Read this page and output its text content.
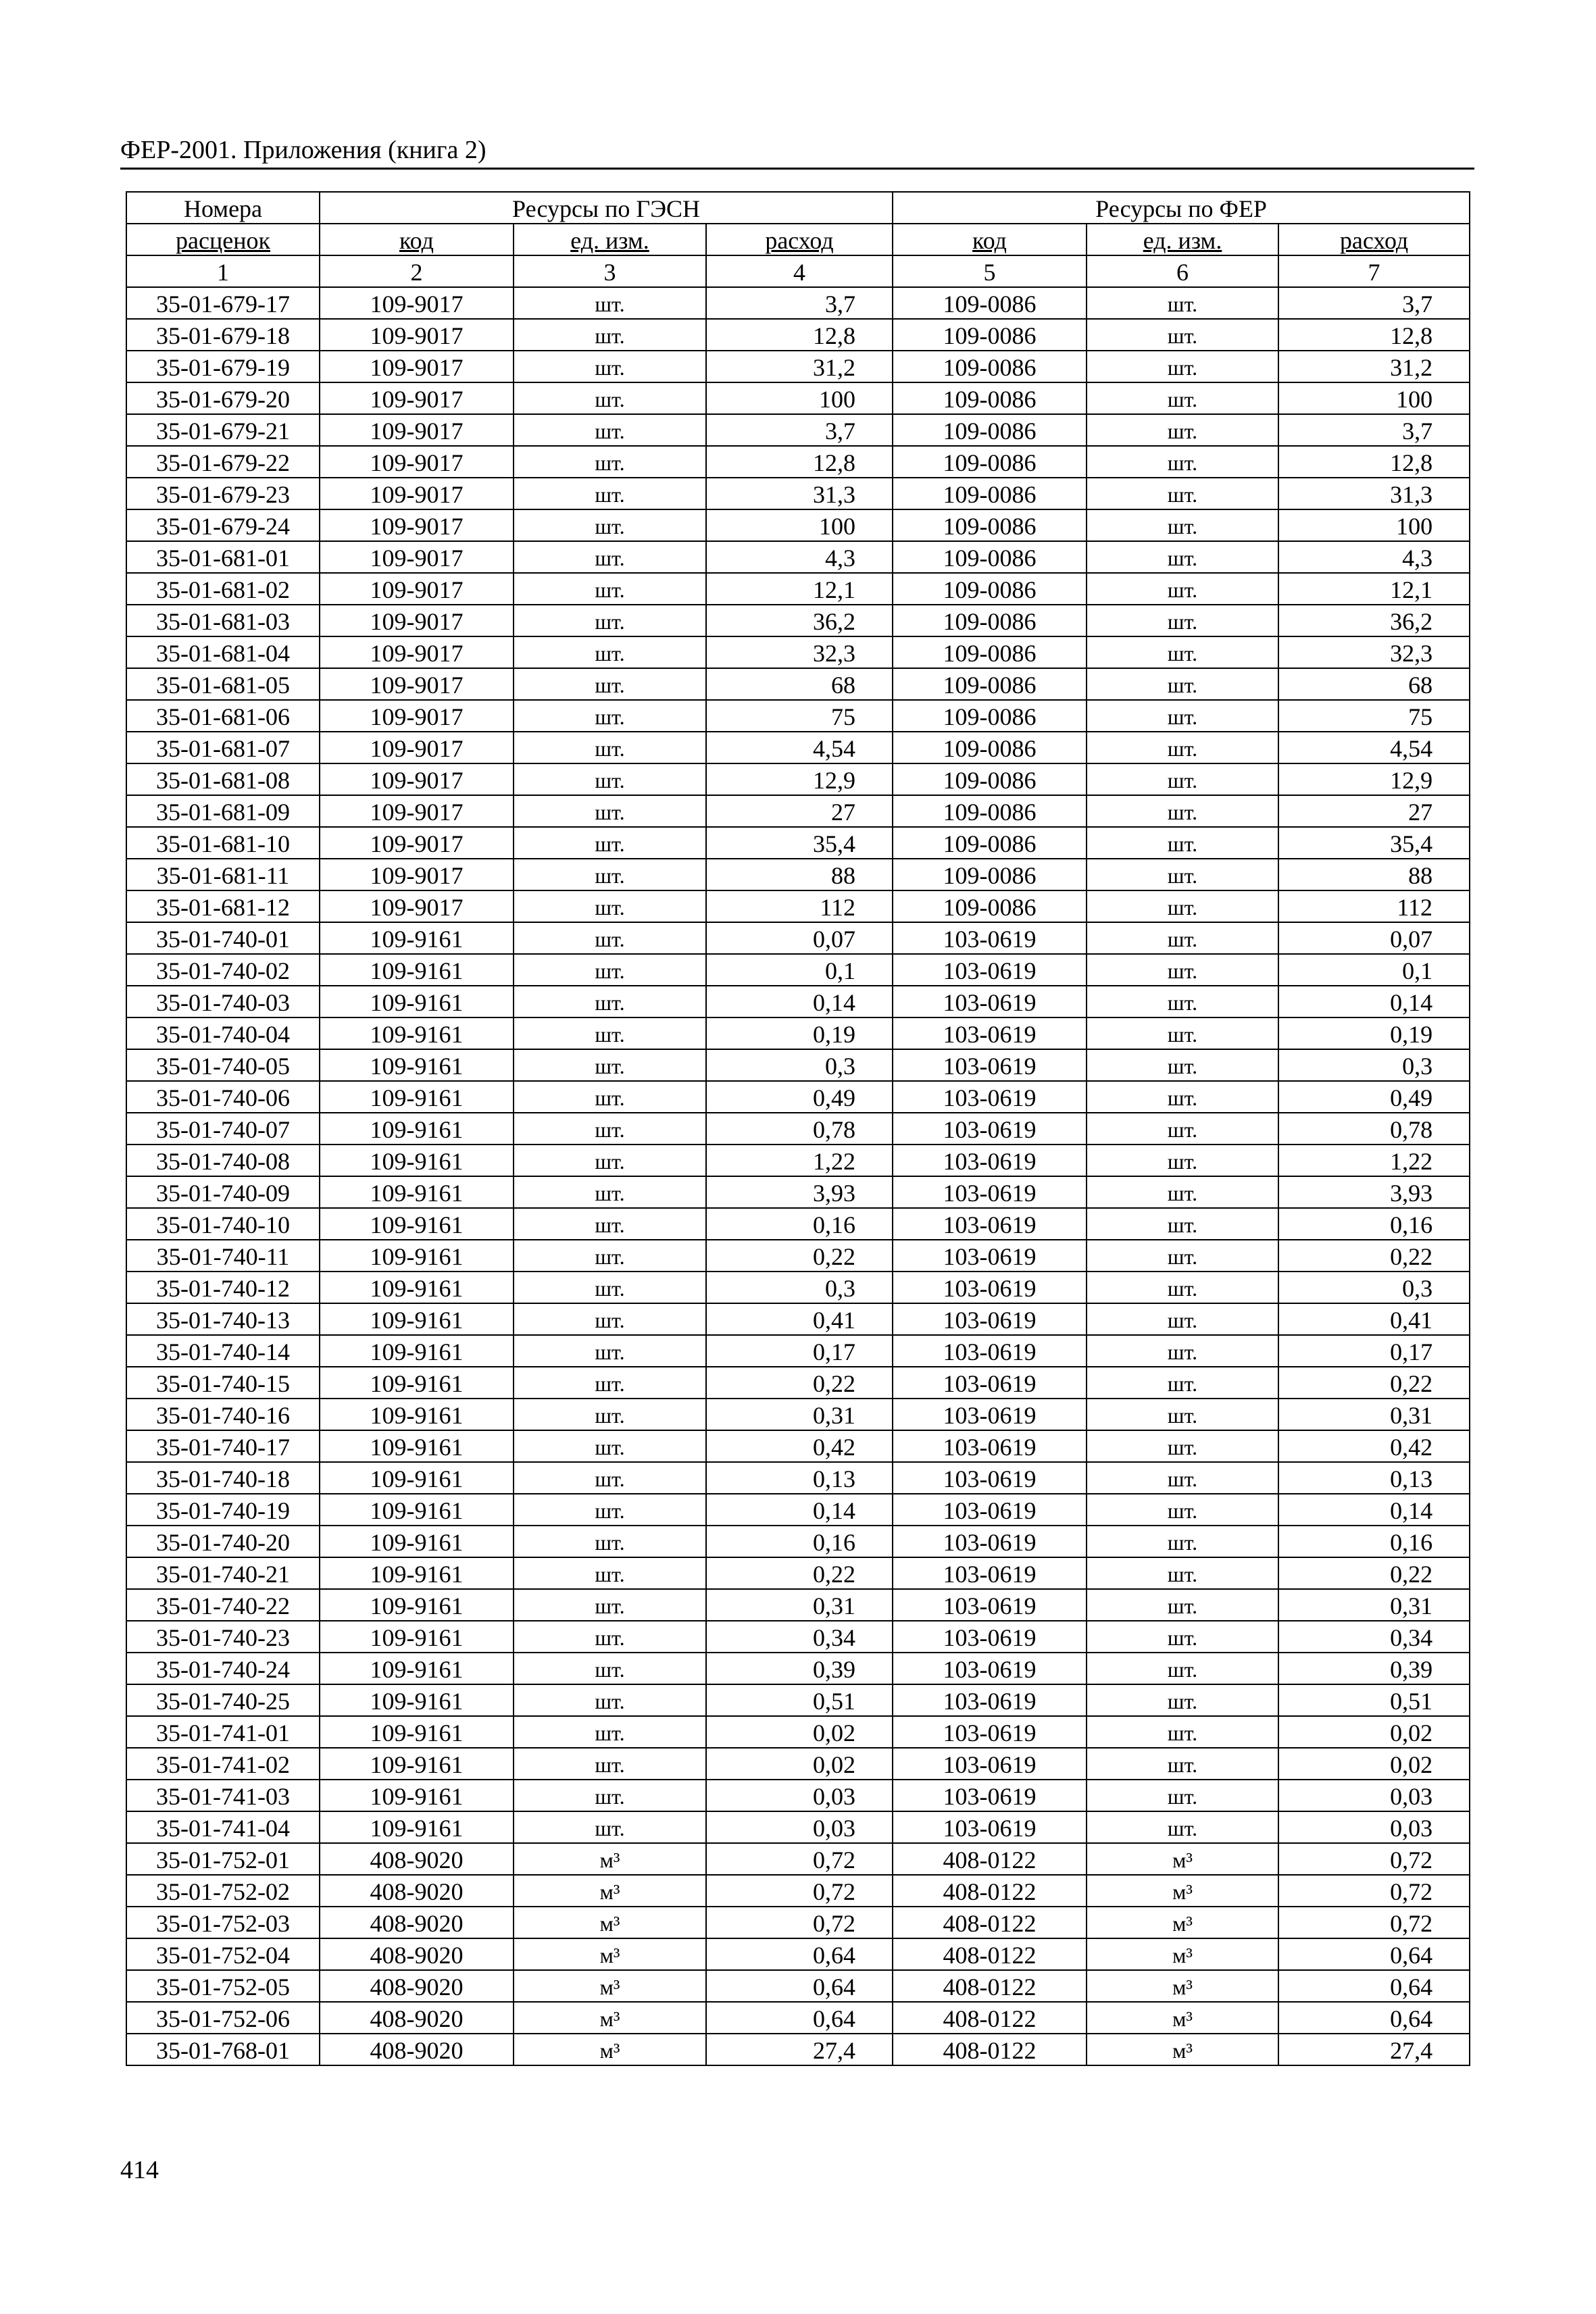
ФЕР-2001. Приложения (книга 2)
Номера	Ресурсы по ГЭСН			Ресурсы по ФЕР		
расценок	код	ед. изм.	расход	код	ед. изм.	расход
1	2	3	4	5	6	7
35-01-679-17	109-9017	шт.	3,7	109-0086	шт.	3,7
35-01-679-18	109-9017	шт.	12,8	109-0086	шт.	12,8
35-01-679-19	109-9017	шт.	31,2	109-0086	шт.	31,2
35-01-679-20	109-9017	шт.	100	109-0086	шт.	100
35-01-679-21	109-9017	шт.	3,7	109-0086	шт.	3,7
35-01-679-22	109-9017	шт.	12,8	109-0086	шт.	12,8
35-01-679-23	109-9017	шт.	31,3	109-0086	шт.	31,3
35-01-679-24	109-9017	шт.	100	109-0086	шт.	100
35-01-681-01	109-9017	шт.	4,3	109-0086	шт.	4,3
35-01-681-02	109-9017	шт.	12,1	109-0086	шт.	12,1
35-01-681-03	109-9017	шт.	36,2	109-0086	шт.	36,2
35-01-681-04	109-9017	шт.	32,3	109-0086	шт.	32,3
35-01-681-05	109-9017	шт.	68	109-0086	шт.	68
35-01-681-06	109-9017	шт.	75	109-0086	шт.	75
35-01-681-07	109-9017	шт.	4,54	109-0086	шт.	4,54
35-01-681-08	109-9017	шт.	12,9	109-0086	шт.	12,9
35-01-681-09	109-9017	шт.	27	109-0086	шт.	27
35-01-681-10	109-9017	шт.	35,4	109-0086	шт.	35,4
35-01-681-11	109-9017	шт.	88	109-0086	шт.	88
35-01-681-12	109-9017	шт.	112	109-0086	шт.	112
35-01-740-01	109-9161	шт.	0,07	103-0619	шт.	0,07
35-01-740-02	109-9161	шт.	0,1	103-0619	шт.	0,1
35-01-740-03	109-9161	шт.	0,14	103-0619	шт.	0,14
35-01-740-04	109-9161	шт.	0,19	103-0619	шт.	0,19
35-01-740-05	109-9161	шт.	0,3	103-0619	шт.	0,3
35-01-740-06	109-9161	шт.	0,49	103-0619	шт.	0,49
35-01-740-07	109-9161	шт.	0,78	103-0619	шт.	0,78
35-01-740-08	109-9161	шт.	1,22	103-0619	шт.	1,22
35-01-740-09	109-9161	шт.	3,93	103-0619	шт.	3,93
35-01-740-10	109-9161	шт.	0,16	103-0619	шт.	0,16
35-01-740-11	109-9161	шт.	0,22	103-0619	шт.	0,22
35-01-740-12	109-9161	шт.	0,3	103-0619	шт.	0,3
35-01-740-13	109-9161	шт.	0,41	103-0619	шт.	0,41
35-01-740-14	109-9161	шт.	0,17	103-0619	шт.	0,17
35-01-740-15	109-9161	шт.	0,22	103-0619	шт.	0,22
35-01-740-16	109-9161	шт.	0,31	103-0619	шт.	0,31
35-01-740-17	109-9161	шт.	0,42	103-0619	шт.	0,42
35-01-740-18	109-9161	шт.	0,13	103-0619	шт.	0,13
35-01-740-19	109-9161	шт.	0,14	103-0619	шт.	0,14
35-01-740-20	109-9161	шт.	0,16	103-0619	шт.	0,16
35-01-740-21	109-9161	шт.	0,22	103-0619	шт.	0,22
35-01-740-22	109-9161	шт.	0,31	103-0619	шт.	0,31
35-01-740-23	109-9161	шт.	0,34	103-0619	шт.	0,34
35-01-740-24	109-9161	шт.	0,39	103-0619	шт.	0,39
35-01-740-25	109-9161	шт.	0,51	103-0619	шт.	0,51
35-01-741-01	109-9161	шт.	0,02	103-0619	шт.	0,02
35-01-741-02	109-9161	шт.	0,02	103-0619	шт.	0,02
35-01-741-03	109-9161	шт.	0,03	103-0619	шт.	0,03
35-01-741-04	109-9161	шт.	0,03	103-0619	шт.	0,03
35-01-752-01	408-9020	м³	0,72	408-0122	м³	0,72
35-01-752-02	408-9020	м³	0,72	408-0122	м³	0,72
35-01-752-03	408-9020	м³	0,72	408-0122	м³	0,72
35-01-752-04	408-9020	м³	0,64	408-0122	м³	0,64
35-01-752-05	408-9020	м³	0,64	408-0122	м³	0,64
35-01-752-06	408-9020	м³	0,64	408-0122	м³	0,64
35-01-768-01	408-9020	м³	27,4	408-0122	м³	27,4
414
